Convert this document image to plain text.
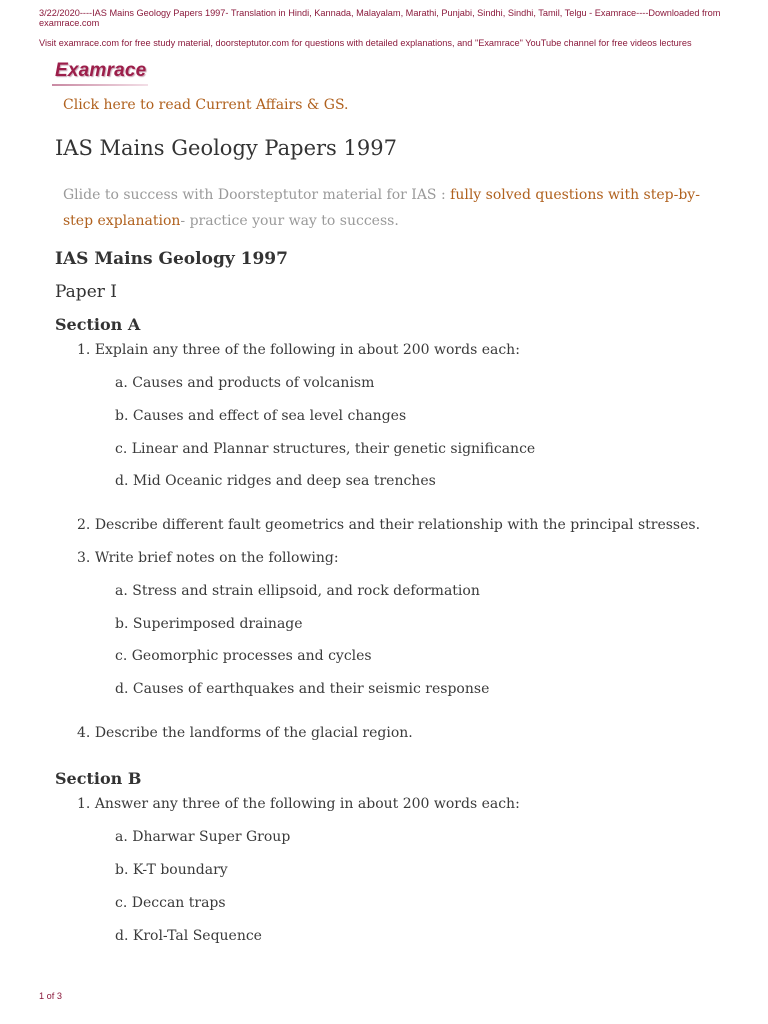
3/22/2020----IAS Mains Geology Papers 1997- Translation in Hindi, Kannada, Malayalam, Marathi, Punjabi, Sindhi, Sindhi, Tamil, Telgu - Examrace----Downloaded from examrace.com
Visit examrace.com for free study material, doorsteptutor.com for questions with detailed explanations, and "Examrace" YouTube channel for free videos lectures
Examrace
Click here to read Current Affairs & GS.
IAS Mains Geology Papers 1997
Glide to success with Doorsteptutor material for IAS : fully solved questions with step-by-step explanation- practice your way to success.
IAS Mains Geology 1997
Paper I
Section A
1. Explain any three of the following in about 200 words each:
a. Causes and products of volcanism
b. Causes and effect of sea level changes
c. Linear and Plannar structures, their genetic significance
d. Mid Oceanic ridges and deep sea trenches
2. Describe different fault geometrics and their relationship with the principal stresses.
3. Write brief notes on the following:
a. Stress and strain ellipsoid, and rock deformation
b. Superimposed drainage
c. Geomorphic processes and cycles
d. Causes of earthquakes and their seismic response
4. Describe the landforms of the glacial region.
Section B
1. Answer any three of the following in about 200 words each:
a. Dharwar Super Group
b. K-T boundary
c. Deccan traps
d. Krol-Tal Sequence
1 of 3
